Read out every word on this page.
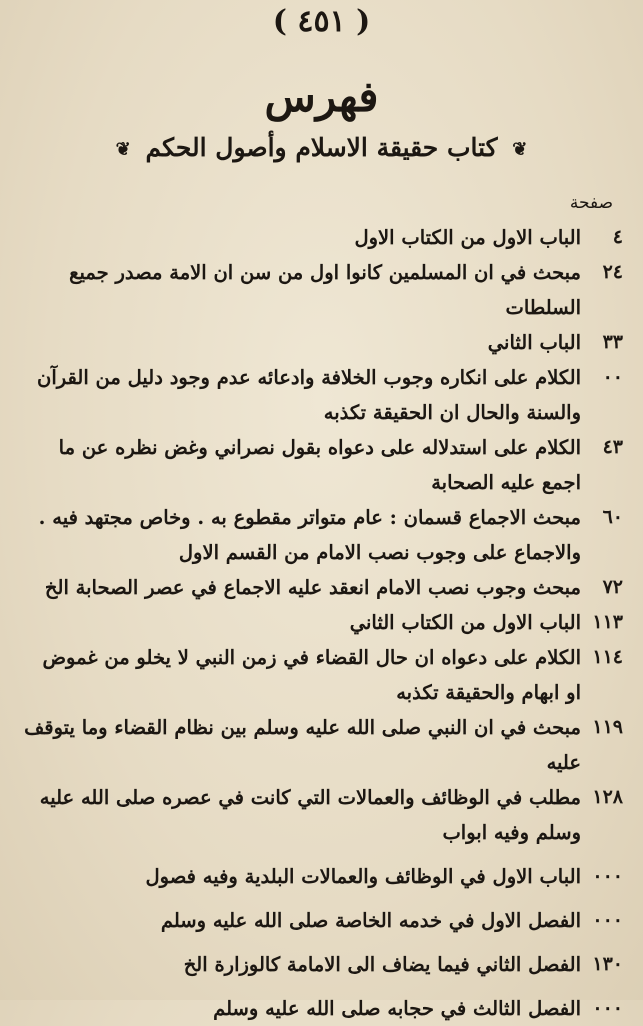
( ٤٥١ )
فهرس
❦ كتاب حقيقة الاسلام وأصول الحكم ❦
صفحة
٤
الباب الاول من الكتاب الاول
٢٤
مبحث في ان المسلمين كانوا اول من سن ان الامة مصدر جميع السلطات
٣٣
الباب الثاني
٠٠
الكلام على انكاره وجوب الخلافة وادعائه عدم وجود دليل من القرآن والسنة والحال ان الحقيقة تكذبه
٤٣
الكلام على استدلاله على دعواه بقول نصراني وغض نظره عن ما اجمع عليه الصحابة
٦٠
مبحث الاجماع قسمان : عام متواتر مقطوع به . وخاص مجتهد فيه . والاجماع على وجوب نصب الامام من القسم الاول
٧٢
مبحث وجوب نصب الامام انعقد عليه الاجماع في عصر الصحابة الخ
١١٣
الباب الاول من الكتاب الثاني
١١٤
الكلام على دعواه ان حال القضاء في زمن النبي لا يخلو من غموض او ابهام والحقيقة تكذبه
١١٩
مبحث في ان النبي صلى الله عليه وسلم بين نظام القضاء وما يتوقف عليه
١٢٨
مطلب في الوظائف والعمالات التي كانت في عصره صلى الله عليه وسلم وفيه ابواب
٠٠٠
الباب الاول في الوظائف والعمالات البلدية وفيه فصول
٠٠٠
الفصل الاول في خدمه الخاصة صلى الله عليه وسلم
١٣٠
الفصل الثاني فيما يضاف الى الامامة كالوزارة الخ
٠٠٠
الفصل الثالث في حجابه صلى الله عليه وسلم
